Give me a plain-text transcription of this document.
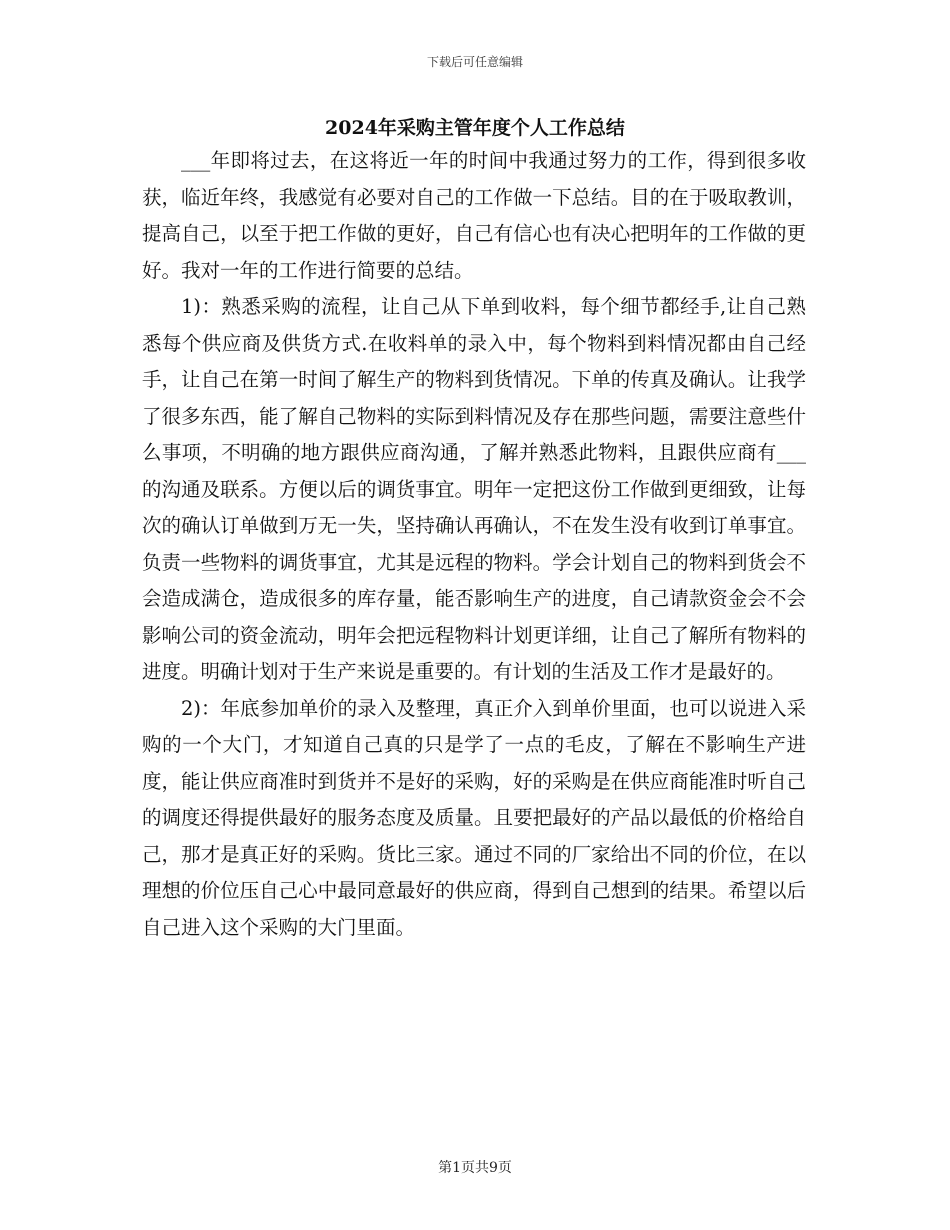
下载后可任意编辑
2024年采购主管年度个人工作总结

___年即将过去，在这将近一年的时间中我通过努力的工作，得到很多收获，临近年终，我感觉有必要对自己的工作做一下总结。目的在于吸取教训，提高自己，以至于把工作做的更好，自己有信心也有决心把明年的工作做的更好。我对一年的工作进行简要的总结。

1)：熟悉采购的流程，让自己从下单到收料，每个细节都经手,让自己熟悉每个供应商及供货方式.在收料单的录入中，每个物料到料情况都由自己经手，让自己在第一时间了解生产的物料到货情况。下单的传真及确认。让我学了很多东西，能了解自己物料的实际到料情况及存在那些问题，需要注意些什么事项，不明确的地方跟供应商沟通，了解并熟悉此物料，且跟供应商有___的沟通及联系。方便以后的调货事宜。明年一定把这份工作做到更细致，让每次的确认订单做到万无一失，坚持确认再确认，不在发生没有收到订单事宜。负责一些物料的调货事宜，尤其是远程的物料。学会计划自己的物料到货会不会造成满仓，造成很多的库存量，能否影响生产的进度，自己请款资金会不会影响公司的资金流动，明年会把远程物料计划更详细，让自己了解所有物料的进度。明确计划对于生产来说是重要的。有计划的生活及工作才是最好的。

2)：年底参加单价的录入及整理，真正介入到单价里面，也可以说进入采购的一个大门，才知道自己真的只是学了一点的毛皮，了解在不影响生产进度，能让供应商准时到货并不是好的采购，好的采购是在供应商能准时听自己的调度还得提供最好的服务态度及质量。且要把最好的产品以最低的价格给自己，那才是真正好的采购。货比三家。通过不同的厂家给出不同的价位，在以理想的价位压自己心中最同意最好的供应商，得到自己想到的结果。希望以后自己进入这个采购的大门里面。

第1页共9页
